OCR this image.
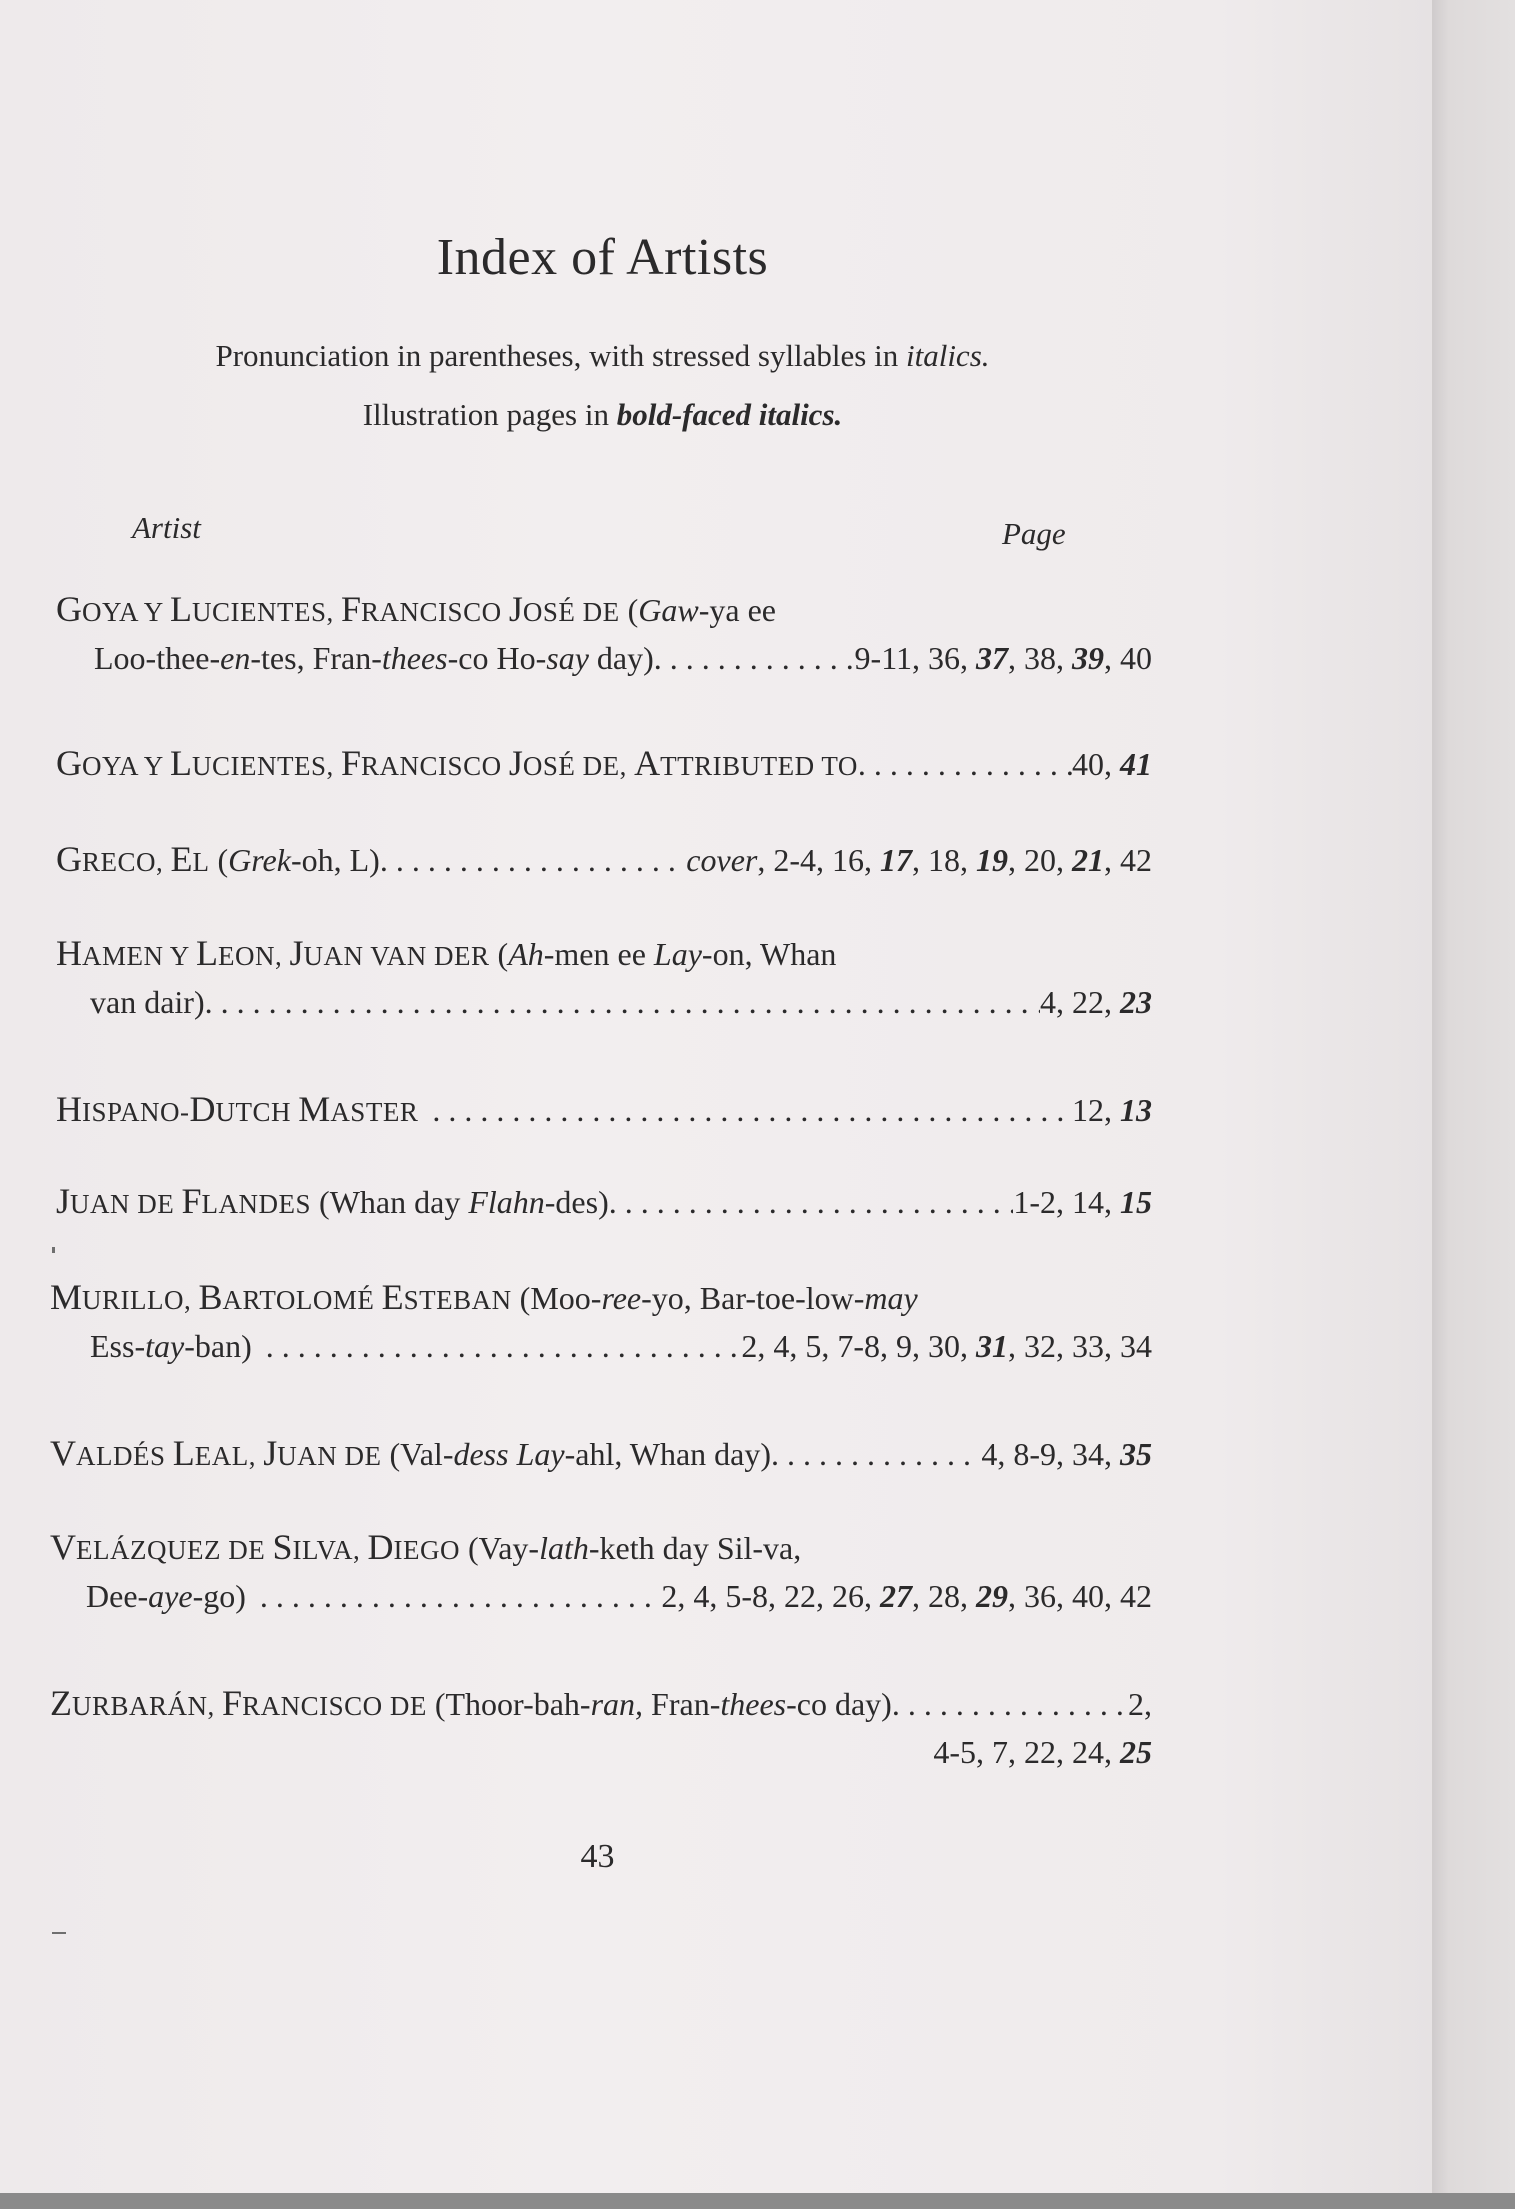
Index of Artists
Pronunciation in parentheses, with stressed syllables in italics.
Illustration pages in bold-faced italics.
Artist	Page
GOYA Y LUCIENTES, FRANCISCO JOSÉ DE (Gaw-ya ee
Loo-thee-en-tes, Fran-thees-co Ho-say day) . . .	9-11, 36, 37, 38, 39, 40
GOYA Y LUCIENTES, FRANCISCO JOSÉ DE, ATTRIBUTED TO . . .	40, 41
GRECO, EL (Grek-oh, L) . . .	cover, 2-4, 16, 17, 18, 19, 20, 21, 42
HAMEN Y LEON, JUAN VAN DER (Ah-men ee Lay-on, Whan
van dair) . . .	4, 22, 23
HISPANO-DUTCH MASTER . . .	12, 13
JUAN DE FLANDES (Whan day Flahn-des) . . .	1-2, 14, 15
MURILLO, BARTOLOMÉ ESTEBAN (Moo-ree-yo, Bar-toe-low-may
Ess-tay-ban) . . .	2, 4, 5, 7-8, 9, 30, 31, 32, 33, 34
VALDÉS LEAL, JUAN DE (Val-dess Lay-ahl, Whan day) . . .	4, 8-9, 34, 35
VELÁZQUEZ DE SILVA, DIEGO (Vay-lath-keth day Sil-va,
Dee-aye-go) . . .	2, 4, 5-8, 22, 26, 27, 28, 29, 36, 40, 42
ZURBARÁN, FRANCISCO DE (Thoor-bah-ran, Fran-thees-co day) . . .	2,
4-5, 7, 22, 24, 25
43
